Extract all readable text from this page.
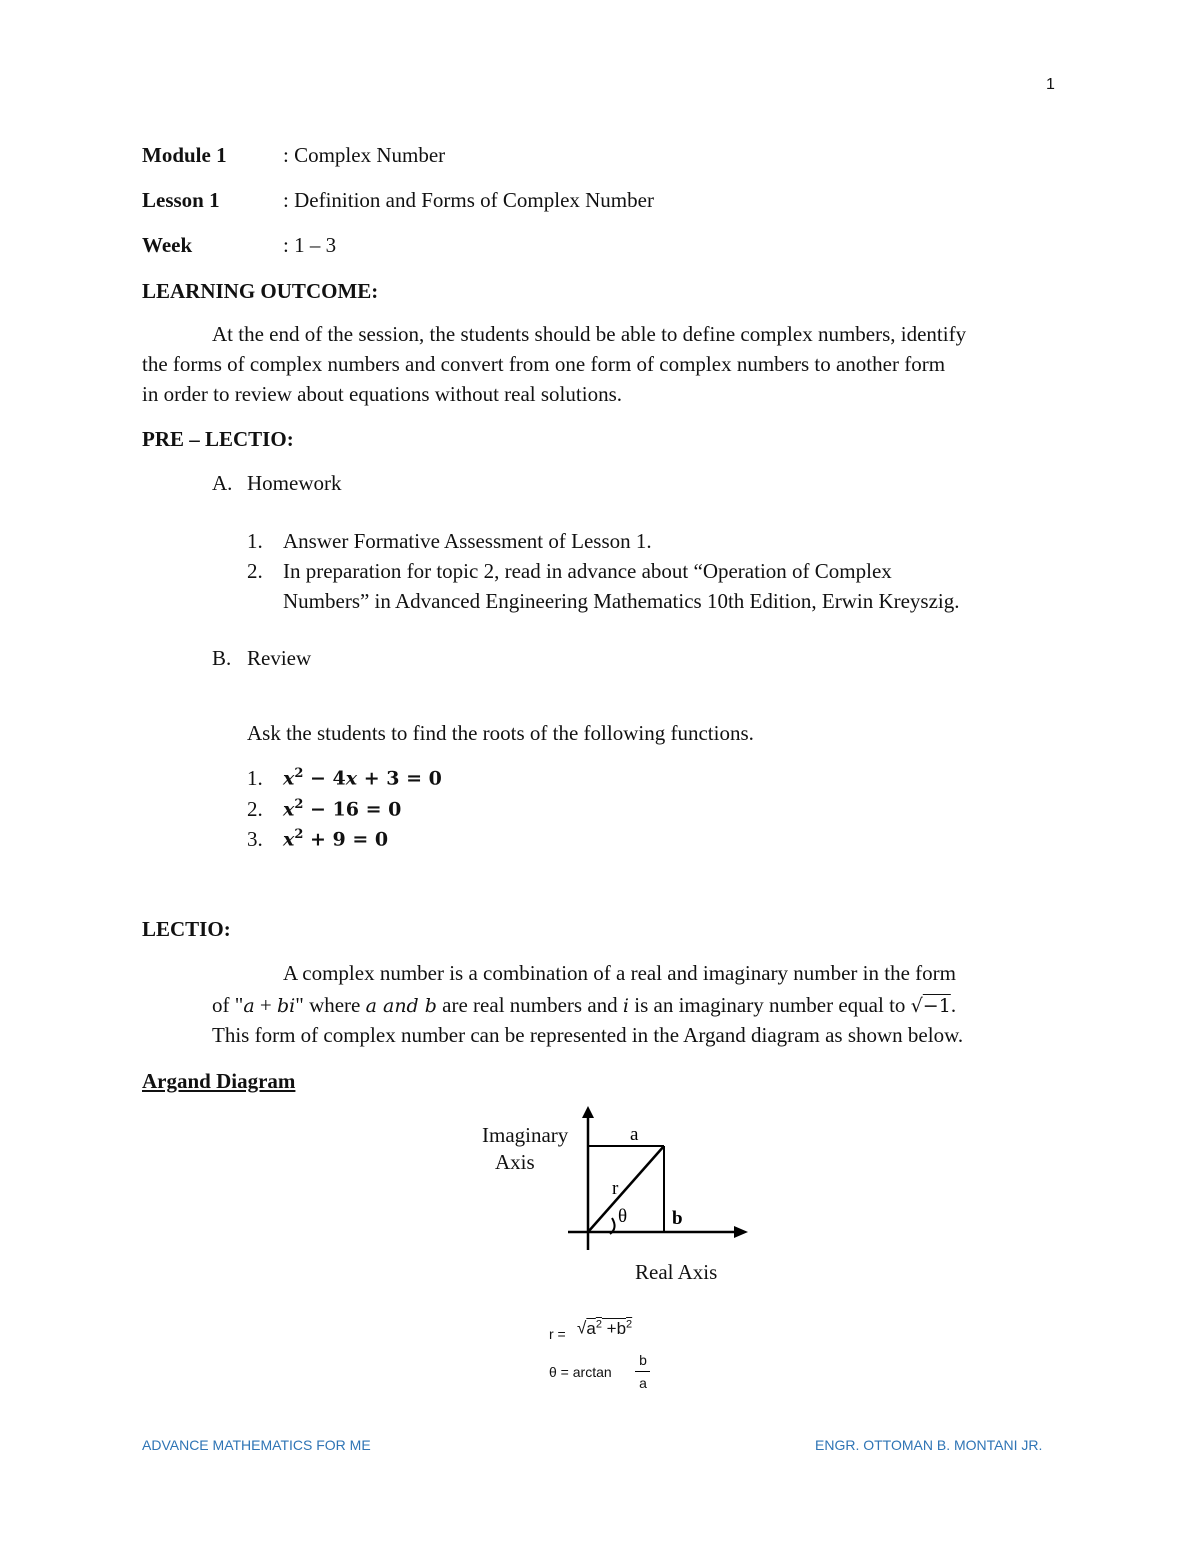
1
Module 1	: Complex Number
Lesson 1	: Definition and Forms of Complex Number
Week	: 1 – 3
LEARNING OUTCOME:
At the end of the session, the students should be able to define complex numbers, identify
the forms of complex numbers and convert from one form of complex numbers to another form
in order to review about equations without real solutions.
PRE – LECTIO:
A. Homework
1. Answer Formative Assessment of Lesson 1.
2. In preparation for topic 2, read in advance about “Operation of Complex
Numbers” in Advanced Engineering Mathematics 10th Edition, Erwin Kreyszig.
B. Review
Ask the students to find the roots of the following functions.
1. $x^2 - 4x + 3 = 0$
2. $x^2 - 16 = 0$
3. $x^2 + 9 = 0$
LECTIO:
A complex number is a combination of a real and imaginary number in the form
of "a + bi" where a and b are real numbers and i is an imaginary number equal to √−1.
This form of complex number can be represented in the Argand diagram as shown below.
Argand Diagram
Imaginary
Axis
a
b
r
θ
Real Axis
$r = √a^2 +b^2$
θ = arctan
b
a
ADVANCE MATHEMATICS FOR ME	ENGR. OTTOMAN B. MONTANI JR.
